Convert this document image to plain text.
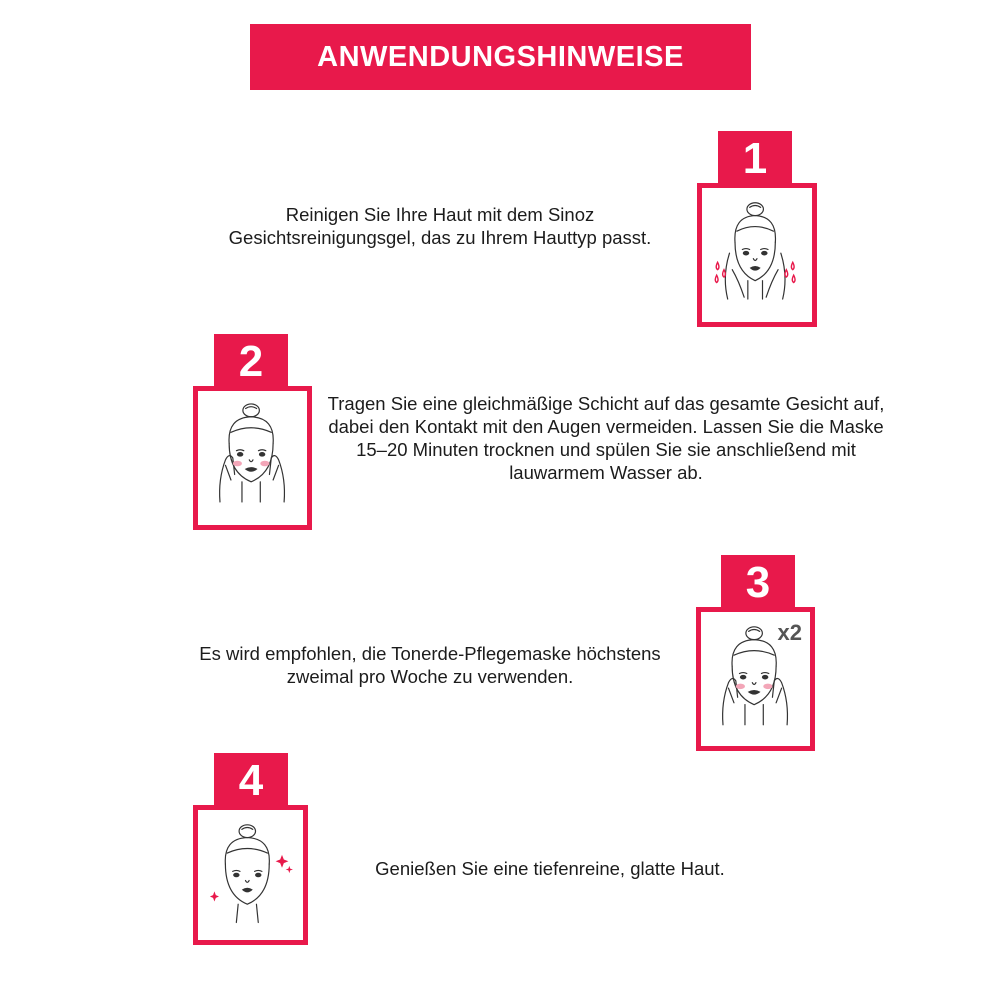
ANWENDUNGSHINWEISE
1
Reinigen Sie Ihre Haut mit dem Sinoz Gesichtsreinigungsgel, das zu Ihrem Hauttyp passt.
2
Tragen Sie eine gleichmäßige Schicht auf das gesamte Gesicht auf, dabei den Kontakt mit den Augen vermeiden. Lassen Sie die Maske 15–20 Minuten trocknen und spülen Sie sie anschließend mit lauwarmem Wasser ab.
3
x2
Es wird empfohlen, die Tonerde-Pflegemaske höchstens zweimal pro Woche zu verwenden.
4
Genießen Sie eine tiefenreine, glatte Haut.
